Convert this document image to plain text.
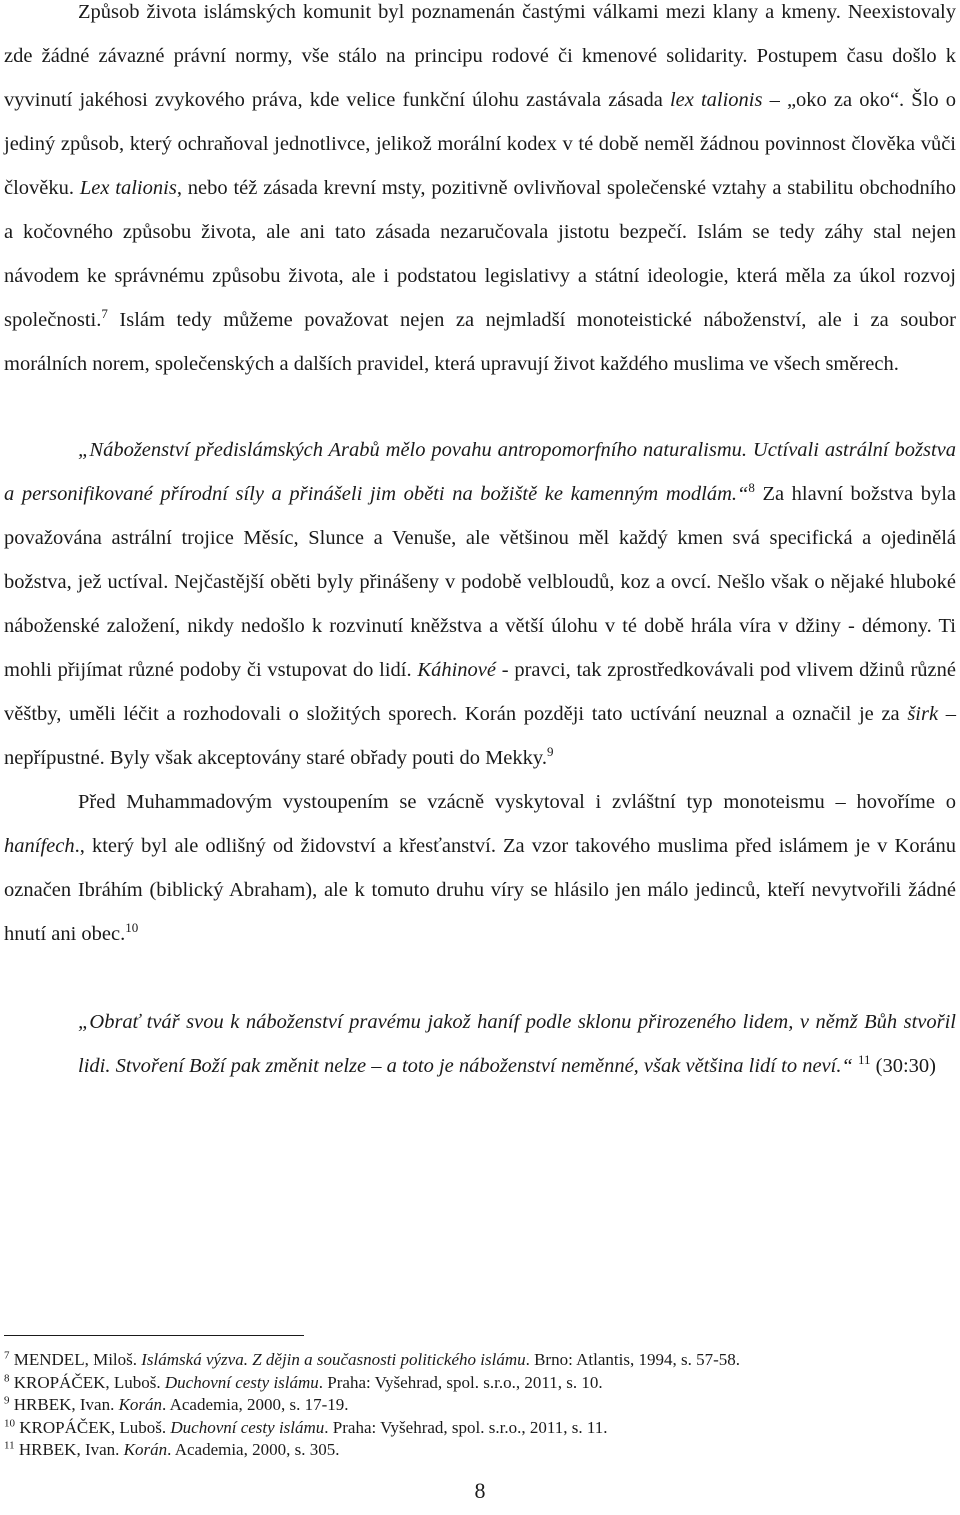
Způsob života islámských komunit byl poznamenán častými válkami mezi klany a kmeny. Neexistovaly zde žádné závazné právní normy, vše stálo na principu rodové či kmenové solidarity. Postupem času došlo k vyvinutí jakéhosi zvykového práva, kde velice funkční úlohu zastávala zásada lex talionis – „oko za oko“. Šlo o jediný způsob, který ochraňoval jednotlivce, jelikož morální kodex v té době neměl žádnou povinnost člověka vůči člověku. Lex talionis, nebo též zásada krevní msty, pozitivně ovlivňoval společenské vztahy a stabilitu obchodního a kočovného způsobu života, ale ani tato zásada nezaručovala jistotu bezpečí. Islám se tedy záhy stal nejen návodem ke správnému způsobu života, ale i podstatou legislativy a státní ideologie, která měla za úkol rozvoj společnosti.$^7$ Islám tedy můžeme považovat nejen za nejmladší monoteistické náboženství, ale i za soubor morálních norem, společenských a dalších pravidel, která upravují život každého muslima ve všech směrech.

„Náboženství předislámských Arabů mělo povahu antropomorfního naturalismu. Uctívali astrální božstva a personifikované přírodní síly a přinášeli jim oběti na božiště ke kamenným modlám.“$^8$ Za hlavní božstva byla považována astrální trojice Měsíc, Slunce a Venuše, ale většinou měl každý kmen svá specifická a ojedinělá božstva, jež uctíval. Nejčastější oběti byly přinášeny v podobě velbloudů, koz a ovcí. Nešlo však o nějaké hluboké náboženské založení, nikdy nedošlo k rozvinutí kněžstva a větší úlohu v té době hrála víra v džiny - démony. Ti mohli přijímat různé podoby či vstupovat do lidí. Káhinové - pravci, tak zprostředkovávali pod vlivem džinů různé věštby, uměli léčit a rozhodovali o složitých sporech. Korán později tato uctívání neuznal a označil je za širk – nepřípustné. Byly však akceptovány staré obřady pouti do Mekky.$^9$

Před Muhammadovým vystoupením se vzácně vyskytoval i zvláštní typ monoteismu – hovoříme o hanífech., který byl ale odlišný od židovství a křesťanství. Za vzor takového muslima před islámem je v Koránu označen Ibráhím (biblický Abraham), ale k tomuto druhu víry se hlásilo jen málo jedinců, kteří nevytvořili žádné hnutí ani obec.$^{10}$

„Obrať tvář svou k náboženství pravému jakož haníf podle sklonu přirozeného lidem, v němž Bůh stvořil lidi. Stvoření Boží pak změnit nelze – a toto je náboženství neměnné, však většina lidí to neví.“ $^{11}$ (30:30)

$^7$ MENDEL, Miloš. Islámská výzva. Z dějin a současnosti politického islámu. Brno: Atlantis, 1994, s. 57-58.

$^8$ KROPÁČEK, Luboš. Duchovní cesty islámu. Praha: Vyšehrad, spol. s.r.o., 2011, s. 10.

$^9$ HRBEK, Ivan. Korán. Academia, 2000, s. 17-19.

$^{10}$ KROPÁČEK, Luboš. Duchovní cesty islámu. Praha: Vyšehrad, spol. s.r.o., 2011, s. 11.

$^{11}$ HRBEK, Ivan. Korán. Academia, 2000, s. 305.

8
